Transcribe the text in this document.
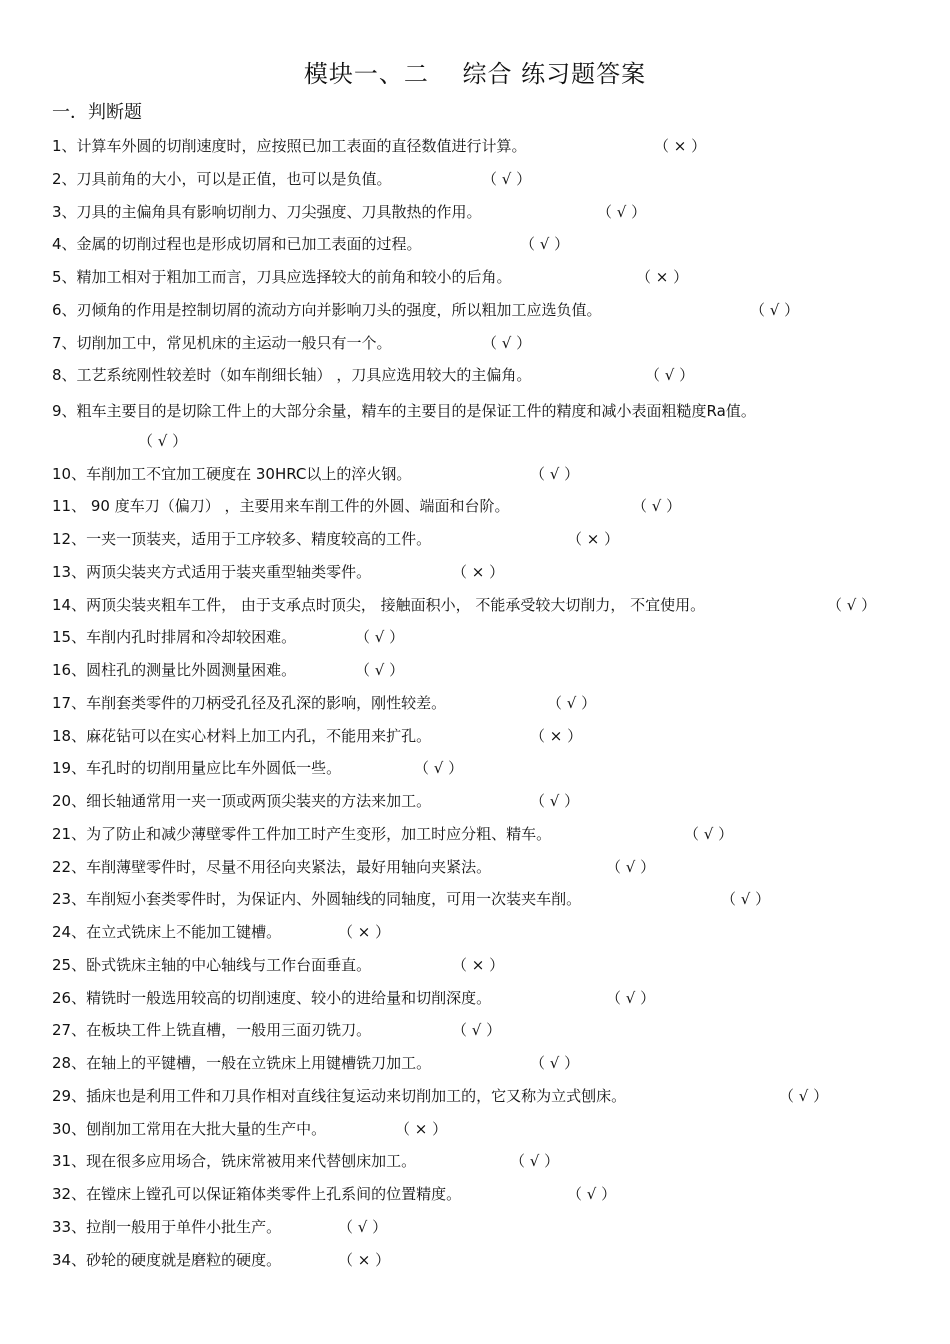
模块一、二　 综合 练习题答案
一．判断题
1、计算车外圆的切削速度时，应按照已加工表面的直径数值进行计算。	（ × ）
2、刀具前角的大小，可以是正值，也可以是负值。	（ √ ）
3、刀具的主偏角具有影响切削力、刀尖强度、刀具散热的作用。	（ √ ）
4、金属的切削过程也是形成切屑和已加工表面的过程。	（ √ ）
5、精加工相对于粗加工而言，刀具应选择较大的前角和较小的后角。	（ × ）
6、刃倾角的作用是控制切屑的流动方向并影响刀头的强度，所以粗加工应选负值。	（ √ ）
7、切削加工中，常见机床的主运动一般只有一个。	（ √ ）
8、工艺系统刚性较差时（如车削细长轴） ，刀具应选用较大的主偏角。	（ √ ）
9、粗车主要目的是切除工件上的大部分余量，精车的主要目的是保证工件的精度和减小表面粗糙度Ra值。
（ √ ）
10、车削加工不宜加工硬度在 30HRC以上的淬火钢。	（ √ ）
11、 90 度车刀（偏刀） ，主要用来车削工件的外圆、端面和台阶。	（ √ ）
12、一夹一顶装夹，适用于工序较多、精度较高的工件。	（ × ）
13、两顶尖装夹方式适用于装夹重型轴类零件。	（ × ）
14、两顶尖装夹粗车工件， 由于支承点时顶尖， 接触面积小， 不能承受较大切削力， 不宜使用。	（ √ ）
15、车削内孔时排屑和冷却较困难。	（ √ ）
16、圆柱孔的测量比外圆测量困难。	（ √ ）
17、车削套类零件的刀柄受孔径及孔深的影响，刚性较差。	（ √ ）
18、麻花钻可以在实心材料上加工内孔，不能用来扩孔。	（ × ）
19、车孔时的切削用量应比车外圆低一些。	（ √ ）
20、细长轴通常用一夹一顶或两顶尖装夹的方法来加工。	（ √ ）
21、为了防止和减少薄壁零件工件加工时产生变形，加工时应分粗、精车。	（ √ ）
22、车削薄壁零件时，尽量不用径向夹紧法，最好用轴向夹紧法。	（ √ ）
23、车削短小套类零件时，为保证内、外圆轴线的同轴度，可用一次装夹车削。	（ √ ）
24、在立式铣床上不能加工键槽。	（ × ）
25、卧式铣床主轴的中心轴线与工作台面垂直。	（ × ）
26、精铣时一般选用较高的切削速度、较小的进给量和切削深度。	（ √ ）
27、在板块工件上铣直槽，一般用三面刃铣刀。	（ √ ）
28、在轴上的平键槽，一般在立铣床上用键槽铣刀加工。	（ √ ）
29、插床也是利用工件和刀具作相对直线往复运动来切削加工的，它又称为立式刨床。	（ √ ）
30、刨削加工常用在大批大量的生产中。	（ × ）
31、现在很多应用场合，铣床常被用来代替刨床加工。	（ √ ）
32、在镗床上镗孔可以保证箱体类零件上孔系间的位置精度。	（ √ ）
33、拉削一般用于单件小批生产。	（ √ ）
34、砂轮的硬度就是磨粒的硬度。	（ × ）
